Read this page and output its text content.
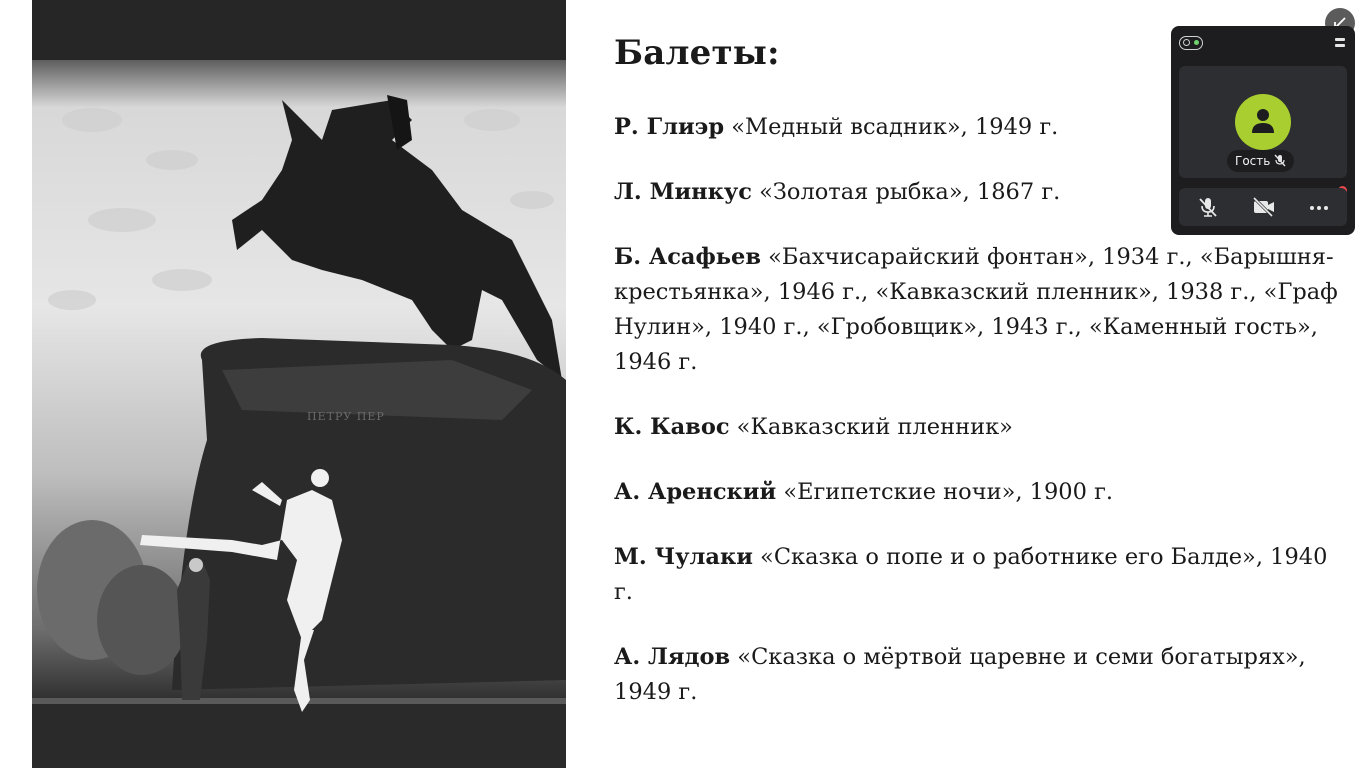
ПЕТРУ ПЕР
Балеты:

Р. Глиэр «Медный всадник», 1949 г.

Л. Минкус «Золотая рыбка», 1867 г.

Б. Асафьев «Бахчисарайский фонтан», 1934 г., «Барышня-крестьянка», 1946 г., «Кавказский пленник», 1938 г., «Граф Нулин», 1940 г., «Гробовщик», 1943 г., «Каменный гость», 1946 г.

К. Кавос «Кавказский пленник»

А. Аренский «Египетские ночи», 1900 г.

М. Чулаки «Сказка о попе и о работнике его Балде», 1940 г.

А. Лядов «Сказка о мёртвой царевне и семи богатырях», 1949 г.

Гость
